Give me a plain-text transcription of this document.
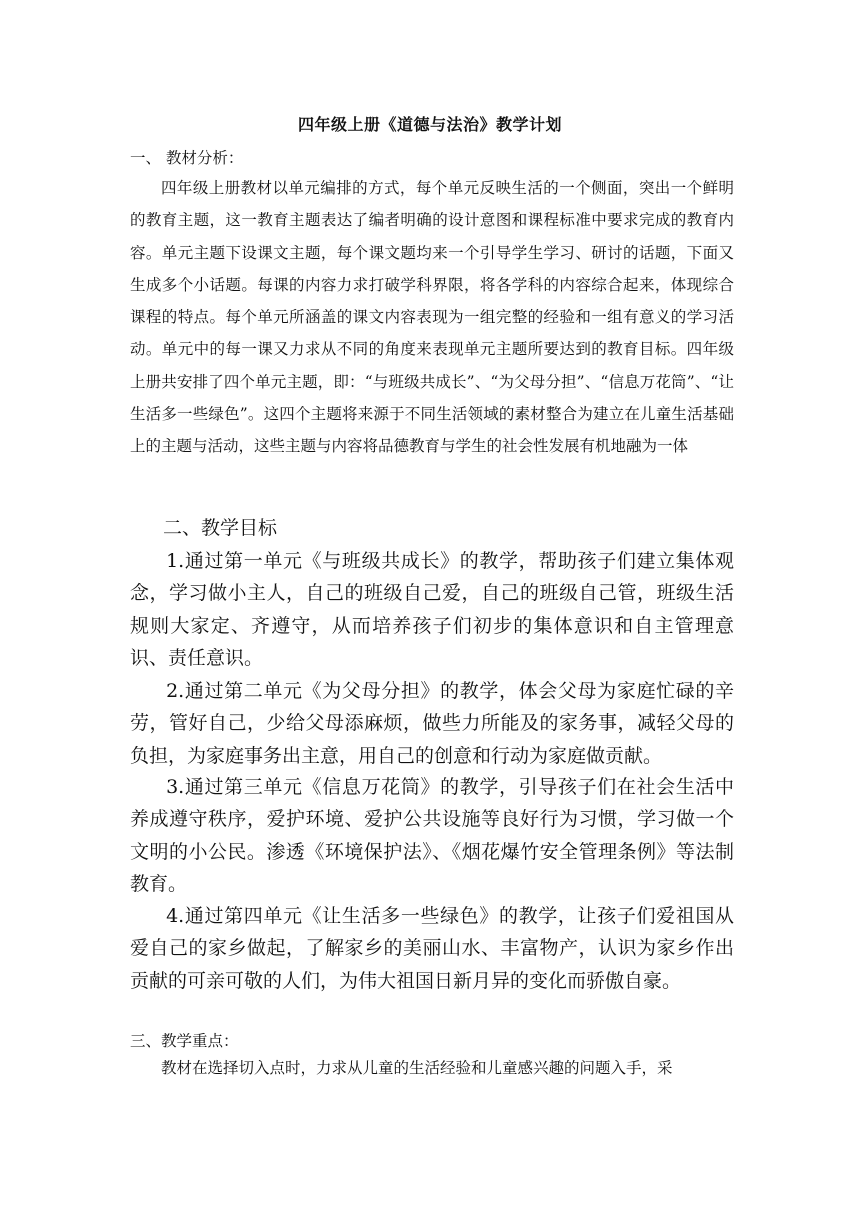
四年级上册《道德与法治》教学计划
一、 教材分析：
四年级上册教材以单元编排的方式，每个单元反映生活的一个侧面，突出一个鲜明的教育主题，这一教育主题表达了编者明确的设计意图和课程标准中要求完成的教育内容。单元主题下设课文主题，每个课文题均来一个引导学生学习、研讨的话题，下面又生成多个小话题。每课的内容力求打破学科界限，将各学科的内容综合起来，体现综合课程的特点。每个单元所涵盖的课文内容表现为一组完整的经验和一组有意义的学习活动。单元中的每一课又力求从不同的角度来表现单元主题所要达到的教育目标。四年级上册共安排了四个单元主题，即：“与班级共成长”、“为父母分担”、“信息万花筒”、“让生活多一些绿色”。这四个主题将来源于不同生活领域的素材整合为建立在儿童生活基础上的主题与活动，这些主题与内容将品德教育与学生的社会性发展有机地融为一体
二、教学目标
1.通过第一单元《与班级共成长》的教学，帮助孩子们建立集体观念，学习做小主人，自己的班级自己爱，自己的班级自己管，班级生活规则大家定、齐遵守，从而培养孩子们初步的集体意识和自主管理意识、责任意识。
2.通过第二单元《为父母分担》的教学，体会父母为家庭忙碌的辛劳，管好自己，少给父母添麻烦，做些力所能及的家务事，减轻父母的负担，为家庭事务出主意，用自己的创意和行动为家庭做贡献。
3.通过第三单元《信息万花筒》的教学，引导孩子们在社会生活中养成遵守秩序，爱护环境、爱护公共设施等良好行为习惯，学习做一个文明的小公民。渗透《环境保护法》、《烟花爆竹安全管理条例》等法制教育。
4.通过第四单元《让生活多一些绿色》的教学，让孩子们爱祖国从爱自己的家乡做起，了解家乡的美丽山水、丰富物产，认识为家乡作出贡献的可亲可敬的人们，为伟大祖国日新月异的变化而骄傲自豪。
三、教学重点：
教材在选择切入点时，力求从儿童的生活经验和儿童感兴趣的问题入手，采
